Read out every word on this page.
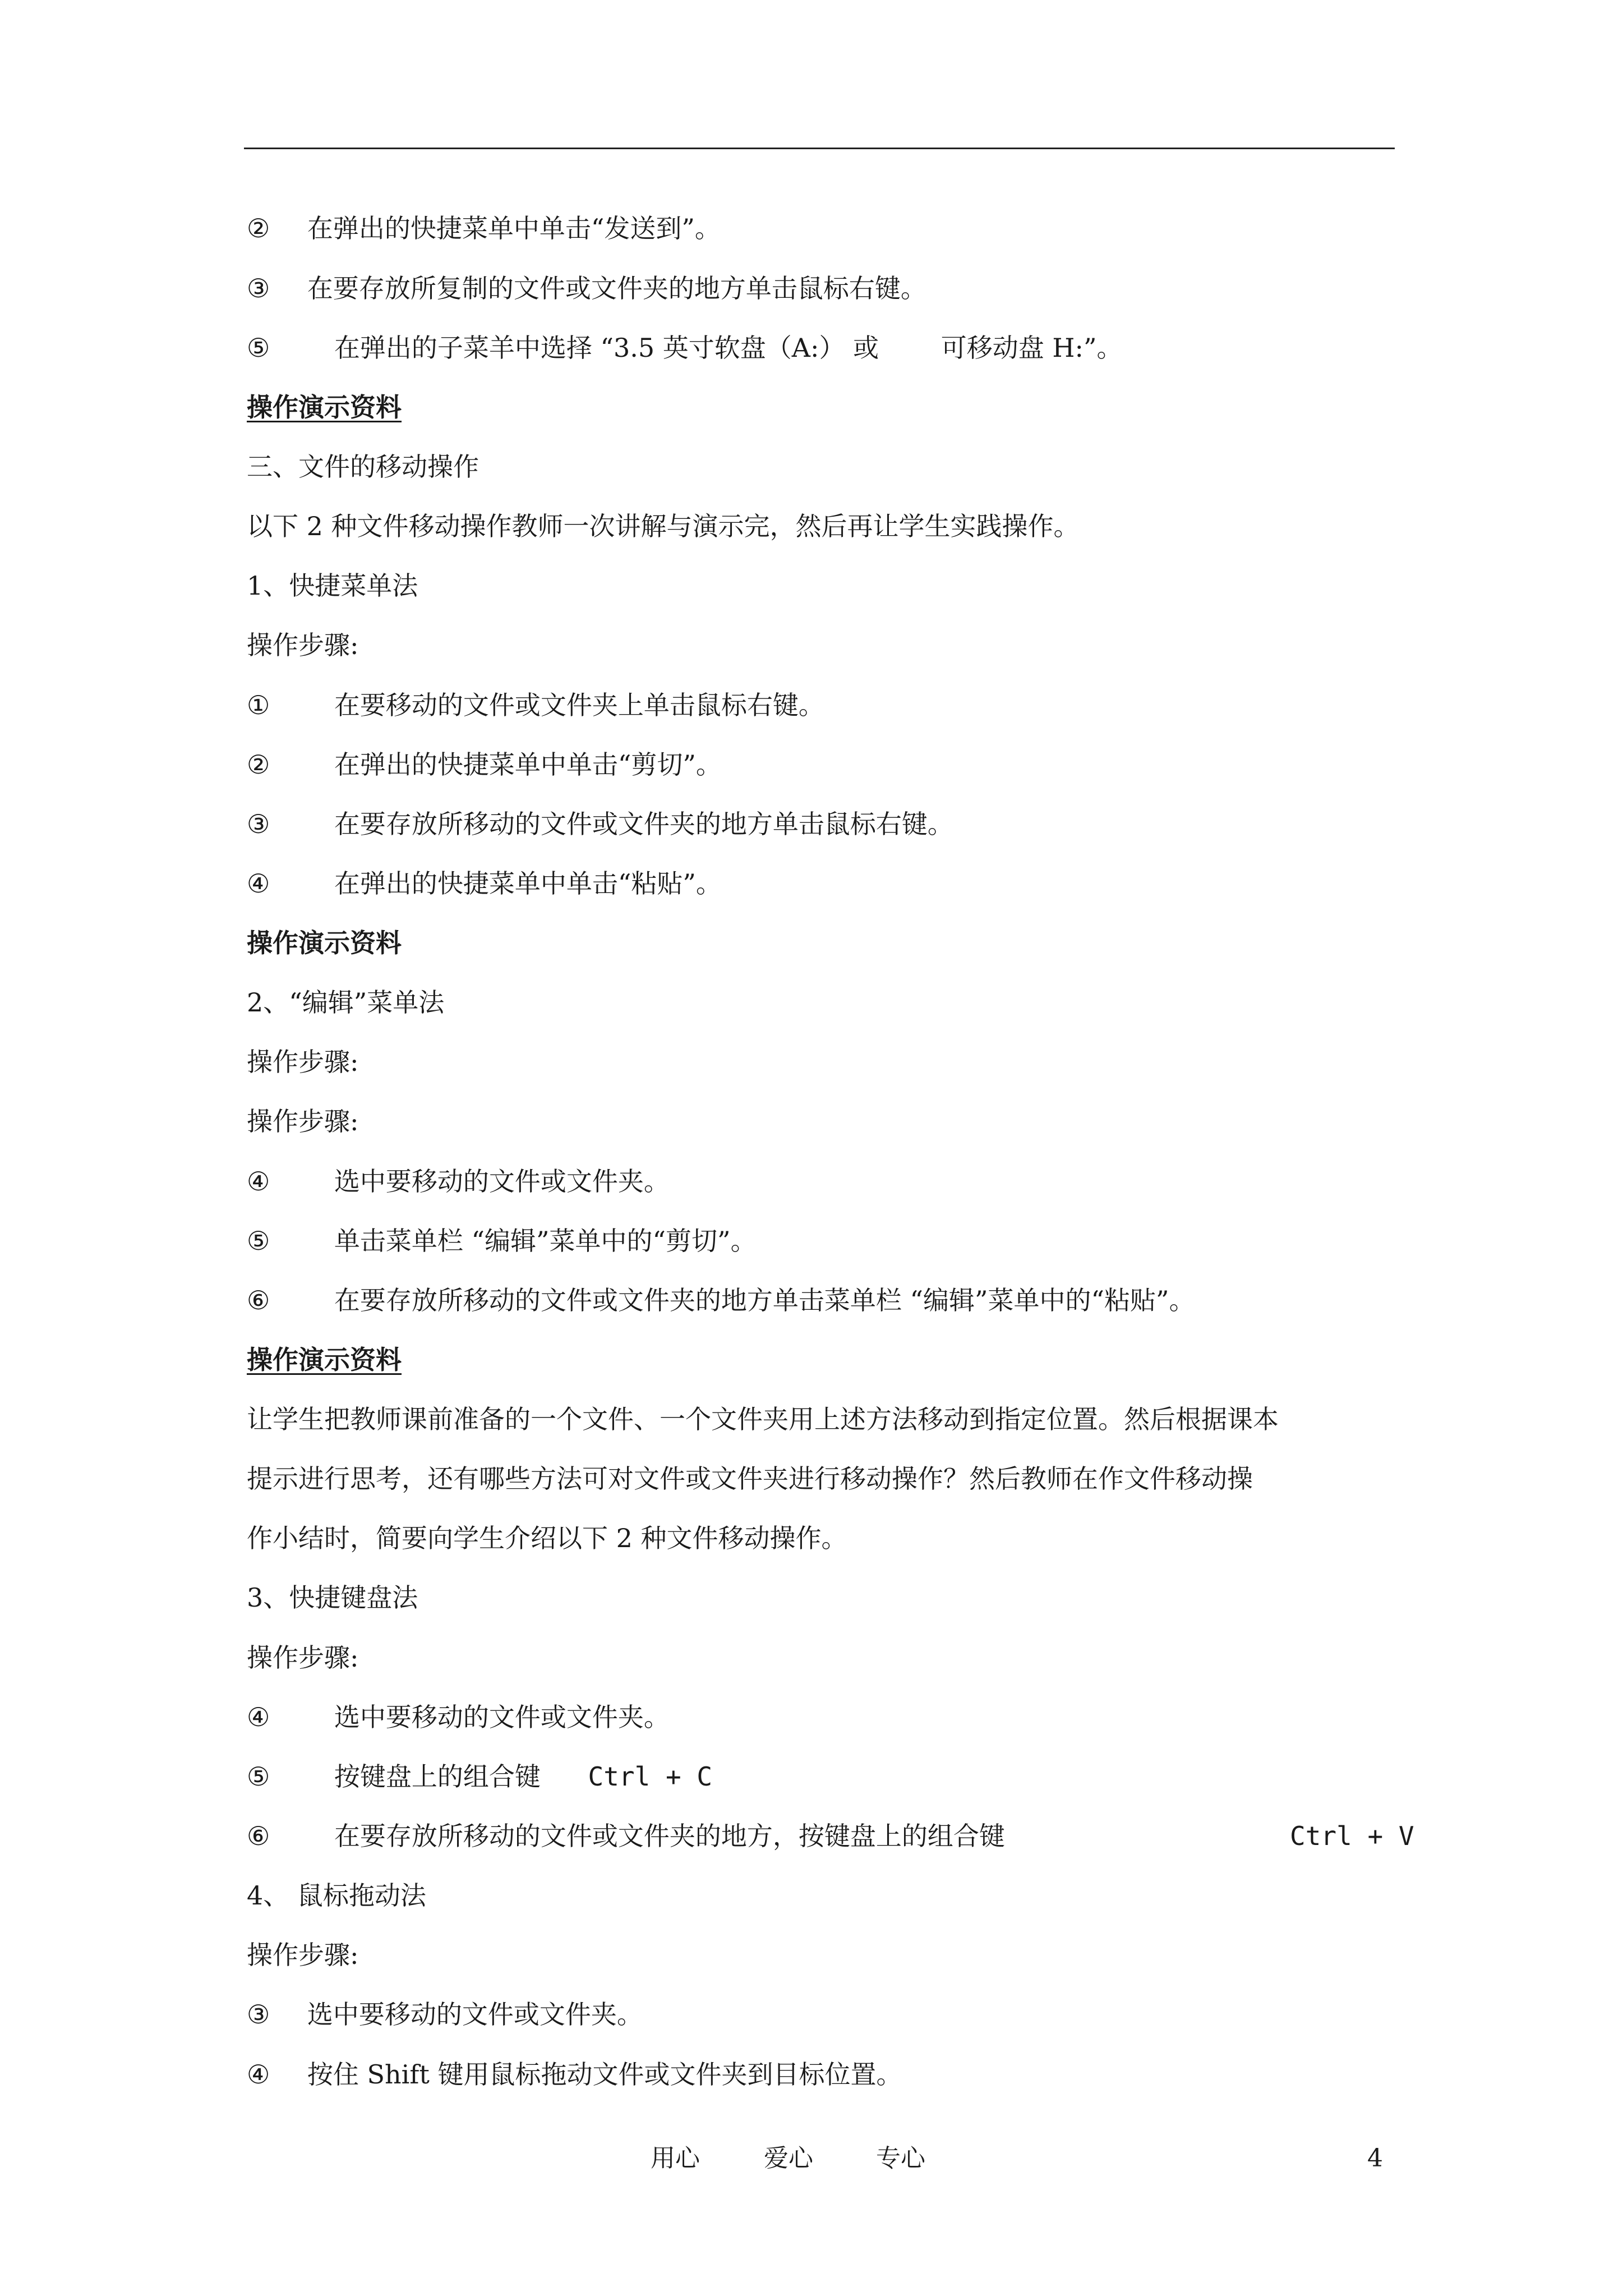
② 在弹出的快捷菜单中单击“发送到”。
③ 在要存放所复制的文件或文件夹的地方单击鼠标右键。
⑤ 在弹出的子菜羊中选择 “3.5 英寸软盘（A:） 或 可移动盘 H:”。
操作演示资料
三、文件的移动操作
以下 2 种文件移动操作教师一次讲解与演示完，然后再让学生实践操作。
1、快捷菜单法
操作步骤:
① 在要移动的文件或文件夹上单击鼠标右键。
② 在弹出的快捷菜单中单击“剪切”。
③ 在要存放所移动的文件或文件夹的地方单击鼠标右键。
④ 在弹出的快捷菜单中单击“粘贴”。
操作演示资料
2、“编辑”菜单法
操作步骤:
操作步骤:
④ 选中要移动的文件或文件夹。
⑤ 单击菜单栏 “编辑”菜单中的“剪切”。
⑥ 在要存放所移动的文件或文件夹的地方单击菜单栏 “编辑”菜单中的“粘贴”。
操作演示资料
让学生把教师课前准备的一个文件、一个文件夹用上述方法移动到指定位置。然后根据课本
提示进行思考，还有哪些方法可对文件或文件夹进行移动操作？然后教师在作文件移动操
作小结时，简要向学生介绍以下 2 种文件移动操作。
3、快捷键盘法
操作步骤:
④ 选中要移动的文件或文件夹。
⑤ 按键盘上的组合键 Ctrl + C
⑥ 在要存放所移动的文件或文件夹的地方，按键盘上的组合键	Ctrl + V
4、 鼠标拖动法
操作步骤:
③ 选中要移动的文件或文件夹。
④ 按住 Shift 键用鼠标拖动文件或文件夹到目标位置。
用心	爱心	专心	4
